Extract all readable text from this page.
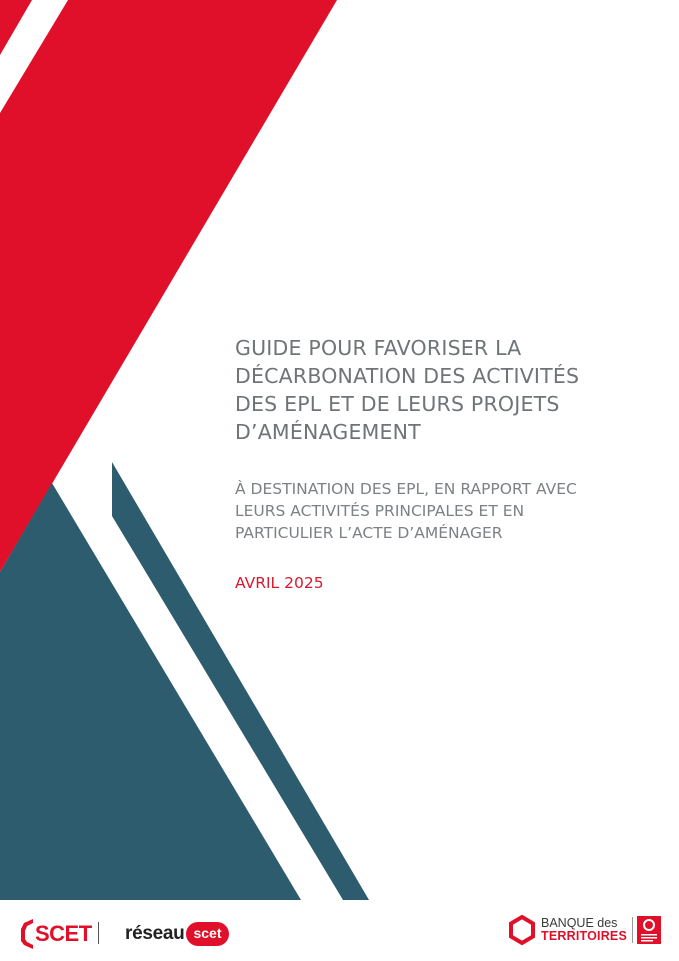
GUIDE POUR FAVORISER LA
DÉCARBONATION DES ACTIVITÉS
DES EPL ET DE LEURS PROJETS
D’AMÉNAGEMENT

À DESTINATION DES EPL, EN RAPPORT AVEC
LEURS ACTIVITÉS PRINCIPALES ET EN
PARTICULIER L’ACTE D’AMÉNAGER

AVRIL 2025
SCET réseau scet
BANQUE des
TERRITOIRES
